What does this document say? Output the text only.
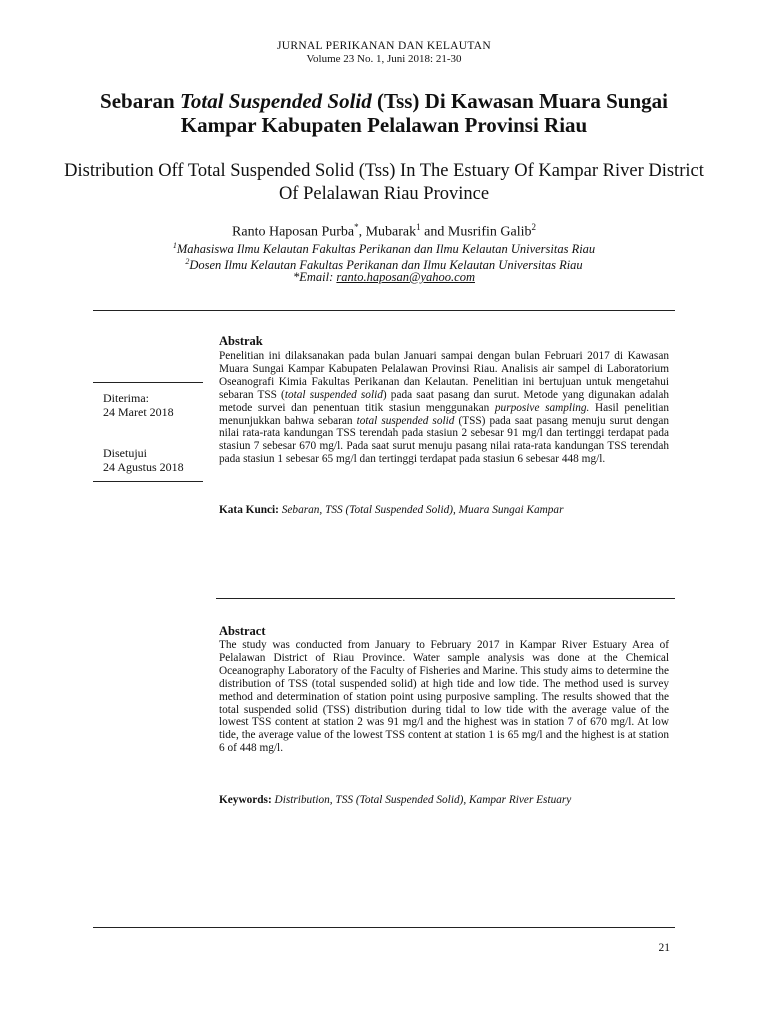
JURNAL PERIKANAN DAN KELAUTAN
Volume 23 No. 1, Juni 2018: 21-30
Sebaran Total Suspended Solid (Tss) Di Kawasan Muara Sungai Kampar Kabupaten Pelalawan Provinsi Riau
Distribution Off Total Suspended Solid (Tss) In The Estuary Of Kampar River District Of Pelalawan Riau Province
Ranto Haposan Purba*, Mubarak$^1$ and Musrifin Galib$^2$
$^1$Mahasiswa Ilmu Kelautan Fakultas Perikanan dan Ilmu Kelautan Universitas Riau
$^2$Dosen Ilmu Kelautan Fakultas Perikanan dan Ilmu Kelautan Universitas Riau
*Email: ranto.haposan@yahoo.com
Abstrak
Penelitian ini dilaksanakan pada bulan Januari sampai dengan bulan Februari 2017 di Kawasan Muara Sungai Kampar Kabupaten Pelalawan Provinsi Riau. Analisis air sampel di Laboratorium Oseanografi Kimia Fakultas Perikanan dan Kelautan. Penelitian ini bertujuan untuk mengetahui sebaran TSS (total suspended solid) pada saat pasang dan surut. Metode yang digunakan adalah metode survei dan penentuan titik stasiun menggunakan purposive sampling. Hasil penelitian menunjukkan bahwa sebaran total suspended solid (TSS) pada saat pasang menuju surut dengan nilai rata-rata kandungan TSS terendah pada stasiun 2 sebesar 91 mg/l dan tertinggi terdapat pada stasiun 7 sebesar 670 mg/l. Pada saat surut menuju pasang nilai rata-rata kandungan TSS terendah pada stasiun 1 sebesar 65 mg/l dan tertinggi terdapat pada stasiun 6 sebesar 448 mg/l.
Diterima:
24 Maret 2018
Disetujui
24 Agustus 2018
Kata Kunci: Sebaran, TSS (Total Suspended Solid), Muara Sungai Kampar
Abstract
The study was conducted from January to February 2017 in Kampar River Estuary Area of Pelalawan District of Riau Province. Water sample analysis was done at the Chemical Oceanography Laboratory of the Faculty of Fisheries and Marine. This study aims to determine the distribution of TSS (total suspended solid) at high tide and low tide. The method used is survey method and determination of station point using purposive sampling. The results showed that the total suspended solid (TSS) distribution during tidal to low tide with the average value of the lowest TSS content at station 2 was 91 mg/l and the highest was in station 7 of 670 mg/l. At low tide, the average value of the lowest TSS content at station 1 is 65 mg/l and the highest is at station 6 of 448 mg/l.
Keywords: Distribution, TSS (Total Suspended Solid), Kampar River Estuary
21
